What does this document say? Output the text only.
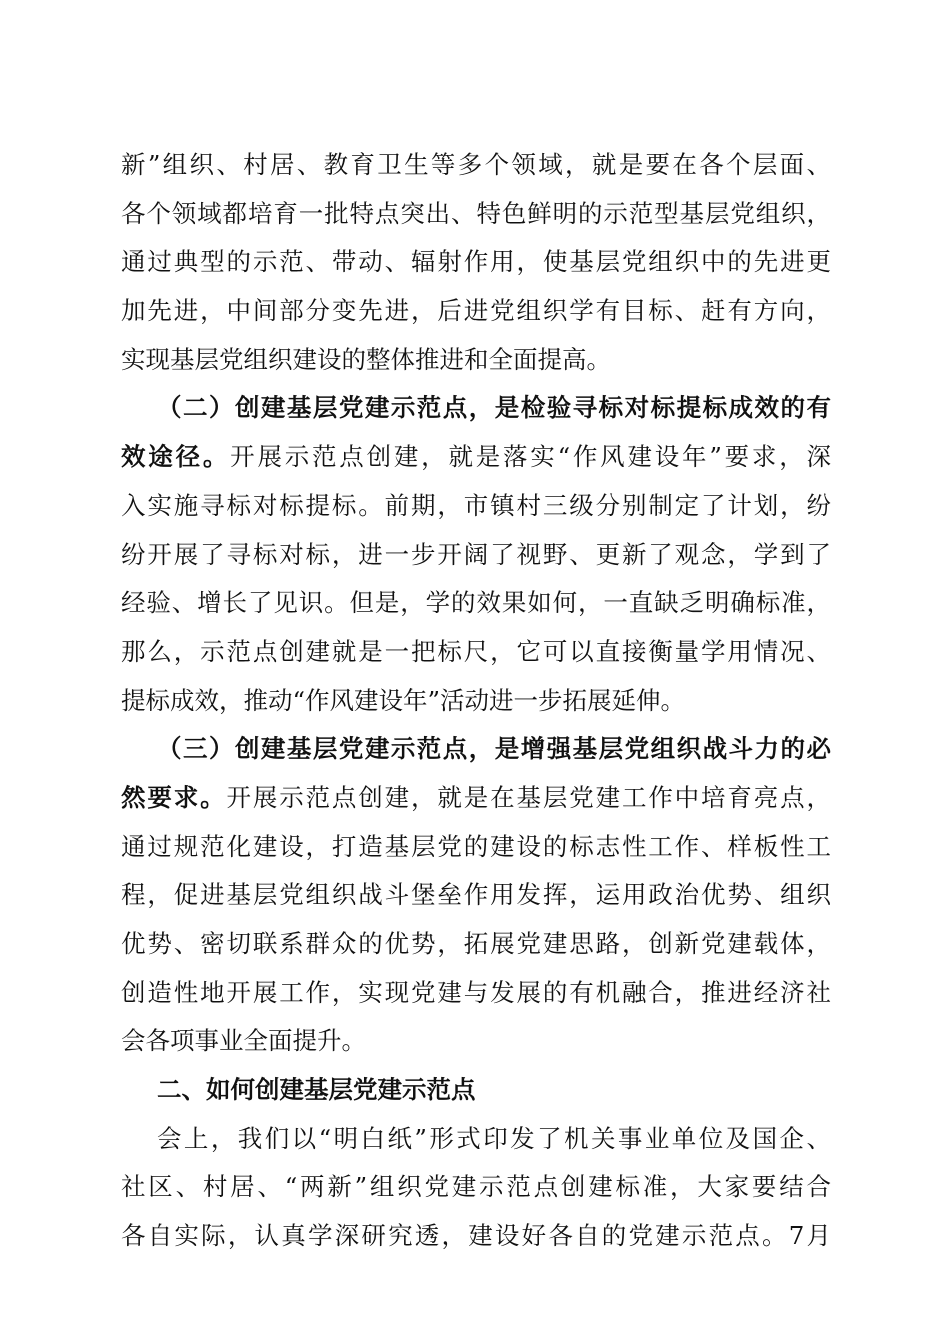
新”组织、村居、教育卫生等多个领域，就是要在各个层面、
各个领域都培育一批特点突出、特色鲜明的示范型基层党组织，
通过典型的示范、带动、辐射作用，使基层党组织中的先进更
加先进，中间部分变先进，后进党组织学有目标、赶有方向，
实现基层党组织建设的整体推进和全面提高。
（二）创建基层党建示范点，是检验寻标对标提标成效的有
效途径。开展示范点创建，就是落实“作风建设年”要求，深
入实施寻标对标提标。前期，市镇村三级分别制定了计划，纷
纷开展了寻标对标，进一步开阔了视野、更新了观念，学到了
经验、增长了见识。但是，学的效果如何，一直缺乏明确标准，
那么，示范点创建就是一把标尺，它可以直接衡量学用情况、
提标成效，推动“作风建设年”活动进一步拓展延伸。
（三）创建基层党建示范点，是增强基层党组织战斗力的必
然要求。开展示范点创建，就是在基层党建工作中培育亮点，
通过规范化建设，打造基层党的建设的标志性工作、样板性工
程，促进基层党组织战斗堡垒作用发挥，运用政治优势、组织
优势、密切联系群众的优势，拓展党建思路，创新党建载体，
创造性地开展工作，实现党建与发展的有机融合，推进经济社
会各项事业全面提升。
二、如何创建基层党建示范点
会上，我们以“明白纸”形式印发了机关事业单位及国企、
社区、村居、“两新”组织党建示范点创建标准，大家要结合
各自实际，认真学深研究透，建设好各自的党建示范点。7月
